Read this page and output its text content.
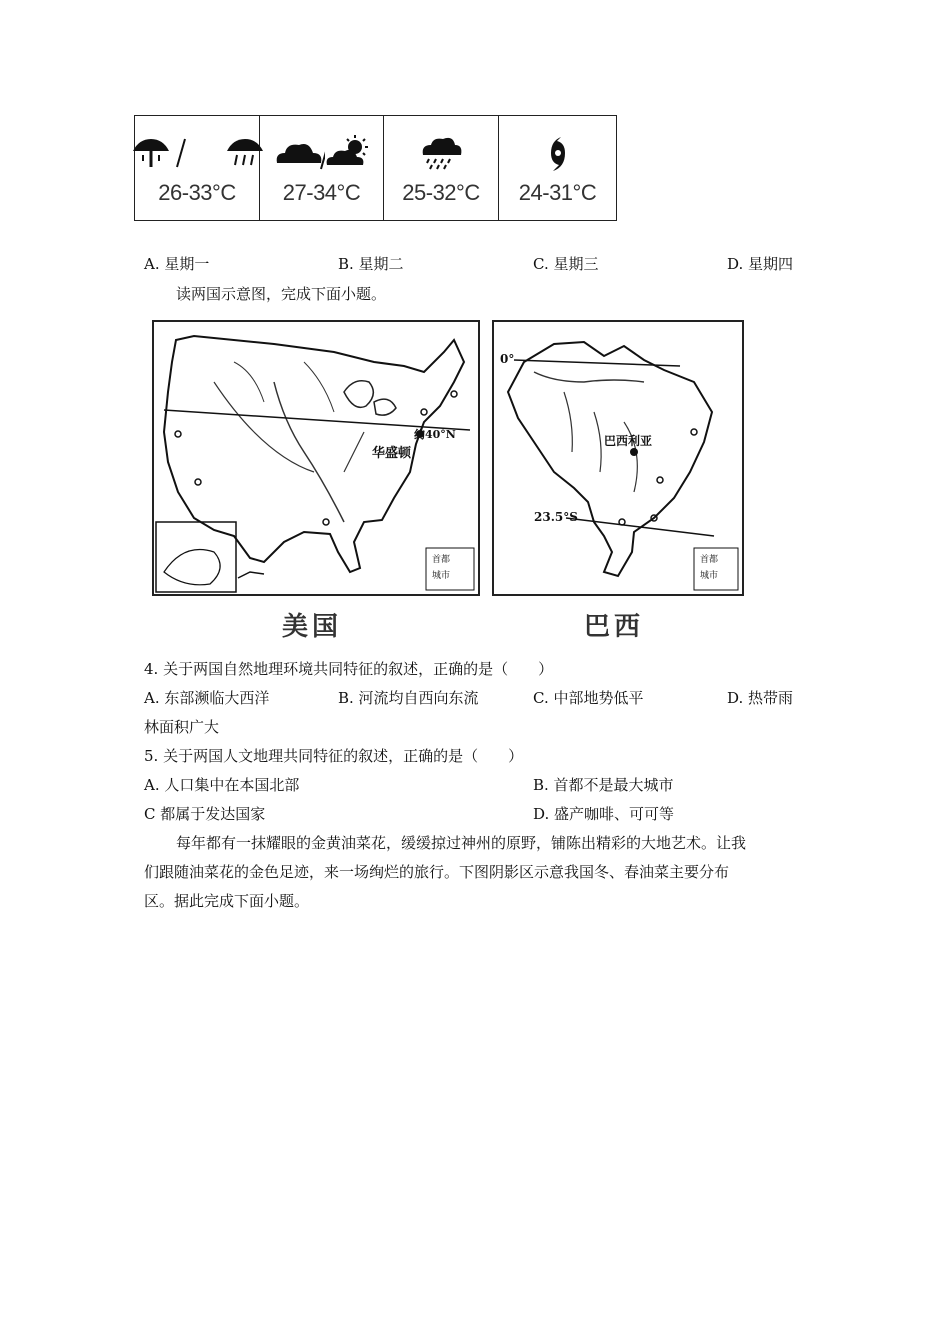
26-33°C 27-34°C 25-32°C 24-31°C
A. 星期一	B. 星期二	C. 星期三	D. 星期四
读两国示意图，完成下面小题。
约40°N
华盛顿
首都
城市
美国
0°
23.5°S
巴西利亚
首都
城市
巴西
4. 关于两国自然地理环境共同特征的叙述，正确的是（　　）
A. 东部濒临大西洋	B. 河流均自西向东流	C. 中部地势低平	D. 热带雨
林面积广大
5. 关于两国人文地理共同特征的叙述，正确的是（　　）
A. 人口集中在本国北部	B. 首都不是最大城市
C 都属于发达国家	D. 盛产咖啡、可可等
每年都有一抹耀眼的金黄油菜花，缓缓掠过神州的原野，铺陈出精彩的大地艺术。让我
们跟随油菜花的金色足迹，来一场绚烂的旅行。下图阴影区示意我国冬、春油菜主要分布
区。据此完成下面小题。
